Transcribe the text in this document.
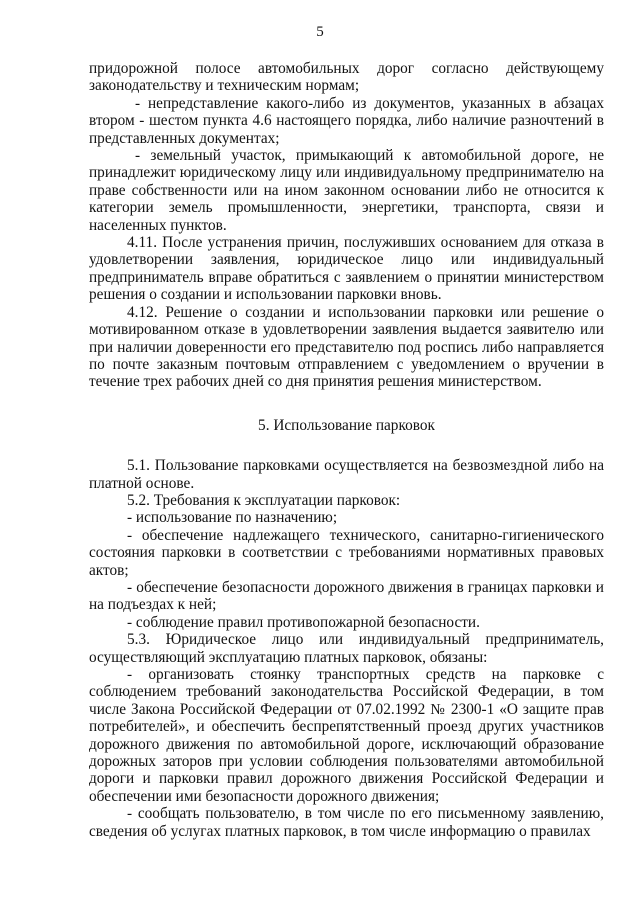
5

придорожной полосе автомобильных дорог согласно действующему законодательству и техническим нормам;

- непредставление какого-либо из документов, указанных в абзацах втором - шестом пункта 4.6 настоящего порядка, либо наличие разночтений в представленных документах;

- земельный участок, примыкающий к автомобильной дороге, не принадлежит юридическому лицу или индивидуальному предпринимателю на праве собственности или на ином законном основании либо не относится к категории земель промышленности, энергетики, транспорта, связи и населенных пунктов.

4.11. После устранения причин, послуживших основанием для отказа в удовлетворении заявления, юридическое лицо или индивидуальный предприниматель вправе обратиться с заявлением о принятии министерством решения о создании и использовании парковки вновь.

4.12. Решение о создании и использовании парковки или решение о мотивированном отказе в удовлетворении заявления выдается заявителю или при наличии доверенности его представителю под роспись либо направляется по почте заказным почтовым отправлением с уведомлением о вручении в течение трех рабочих дней со дня принятия решения министерством.

5. Использование парковок

5.1. Пользование парковками осуществляется на безвозмездной либо на платной основе.

5.2. Требования к эксплуатации парковок:

- использование по назначению;

- обеспечение надлежащего технического, санитарно-гигиенического состояния парковки в соответствии с требованиями нормативных правовых актов;

- обеспечение безопасности дорожного движения в границах парковки и на подъездах к ней;

- соблюдение правил противопожарной безопасности.

5.3. Юридическое лицо или индивидуальный предприниматель, осуществляющий эксплуатацию платных парковок, обязаны:

- организовать стоянку транспортных средств на парковке с соблюдением требований законодательства Российской Федерации, в том числе Закона Российской Федерации от 07.02.1992 № 2300-1 «О защите прав потребителей», и обеспечить беспрепятственный проезд других участников дорожного движения по автомобильной дороге, исключающий образование дорожных заторов при условии соблюдения пользователями автомобильной дороги и парковки правил дорожного движения Российской Федерации и обеспечении ими безопасности дорожного движения;

- сообщать пользователю, в том числе по его письменному заявлению, сведения об услугах платных парковок, в том числе информацию о правилах
